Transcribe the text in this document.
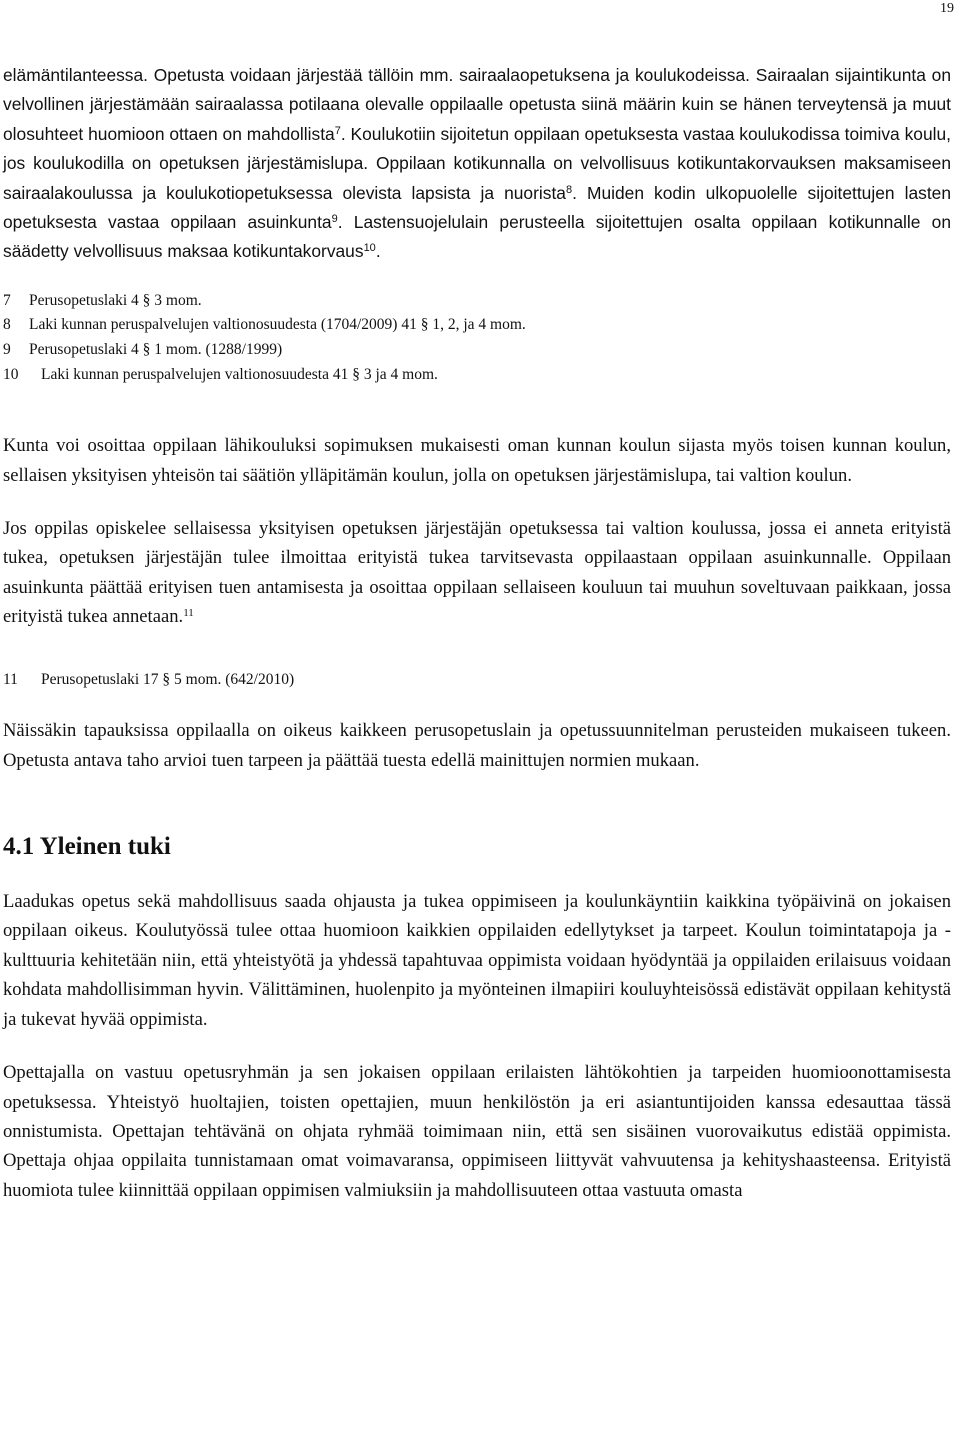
19

elämäntilanteessa. Opetusta voidaan järjestää tällöin mm. sairaalaopetuksena ja koulukodeissa. Sairaalan sijaintikunta on velvollinen järjestämään sairaalassa potilaana olevalle oppilaalle opetusta siinä määrin kuin se hänen terveytensä ja muut olosuhteet huomioon ottaen on mahdollista$^7$. Koulukotiin sijoitetun oppilaan opetuksesta vastaa koulukodissa toimiva koulu, jos koulukodilla on opetuksen järjestämislupa. Oppilaan kotikunnalla on velvollisuus kotikuntakorvauksen maksamiseen sairaalakoulussa ja koulukotiopetuksessa olevista lapsista ja nuorista$^8$. Muiden kodin ulkopuolelle sijoitettujen lasten opetuksesta vastaa oppilaan asuinkunta$^9$. Lastensuojelulain perusteella sijoitettujen osalta oppilaan kotikunnalle on säädetty velvollisuus maksaa kotikuntakorvaus$^{10}$.

7	Perusopetuslaki 4 § 3 mom.
8	Laki kunnan peruspalvelujen valtionosuudesta (1704/2009) 41 § 1, 2, ja 4 mom.
9	Perusopetuslaki 4 § 1 mom. (1288/1999)
10	Laki kunnan peruspalvelujen valtionosuudesta 41 § 3 ja 4 mom.

Kunta voi osoittaa oppilaan lähikouluksi sopimuksen mukaisesti oman kunnan koulun sijasta myös toisen kunnan koulun, sellaisen yksityisen yhteisön tai säätiön ylläpitämän koulun, jolla on opetuksen järjestämislupa, tai valtion koulun.

Jos oppilas opiskelee sellaisessa yksityisen opetuksen järjestäjän opetuksessa tai valtion koulussa, jossa ei anneta erityistä tukea, opetuksen järjestäjän tulee ilmoittaa erityistä tukea tarvitsevasta oppilaastaan oppilaan asuinkunnalle. Oppilaan asuinkunta päättää erityisen tuen antamisesta ja osoittaa oppilaan sellaiseen kouluun tai muuhun soveltuvaan paikkaan, jossa erityistä tukea annetaan.$^{11}$

11	Perusopetuslaki 17 § 5 mom. (642/2010)

Näissäkin tapauksissa oppilaalla on oikeus kaikkeen perusopetuslain ja opetussuunnitelman perusteiden mukaiseen tukeen. Opetusta antava taho arvioi tuen tarpeen ja päättää tuesta edellä mainittujen normien mukaan.

4.1 Yleinen tuki

Laadukas opetus sekä mahdollisuus saada ohjausta ja tukea oppimiseen ja koulunkäyntiin kaikkina työpäivinä on jokaisen oppilaan oikeus. Koulutyössä tulee ottaa huomioon kaikkien oppilaiden edellytykset ja tarpeet. Koulun toimintatapoja ja -kulttuuria kehitetään niin, että yhteistyötä ja yhdessä tapahtuvaa oppimista voidaan hyödyntää ja oppilaiden erilaisuus voidaan kohdata mahdollisimman hyvin. Välittäminen, huolenpito ja myönteinen ilmapiiri kouluyhteisössä edistävät oppilaan kehitystä ja tukevat hyvää oppimista.

Opettajalla on vastuu opetusryhmän ja sen jokaisen oppilaan erilaisten lähtökohtien ja tarpeiden huomioonottamisesta opetuksessa. Yhteistyö huoltajien, toisten opettajien, muun henkilöstön ja eri asiantuntijoiden kanssa edesauttaa tässä onnistumista. Opettajan tehtävänä on ohjata ryhmää toimimaan niin, että sen sisäinen vuorovaikutus edistää oppimista. Opettaja ohjaa oppilaita tunnistamaan omat voimavaransa, oppimiseen liittyvät vahvuutensa ja kehityshaasteensa. Erityistä huomiota tulee kiinnittää oppilaan oppimisen valmiuksiin ja mahdollisuuteen ottaa vastuuta omasta
